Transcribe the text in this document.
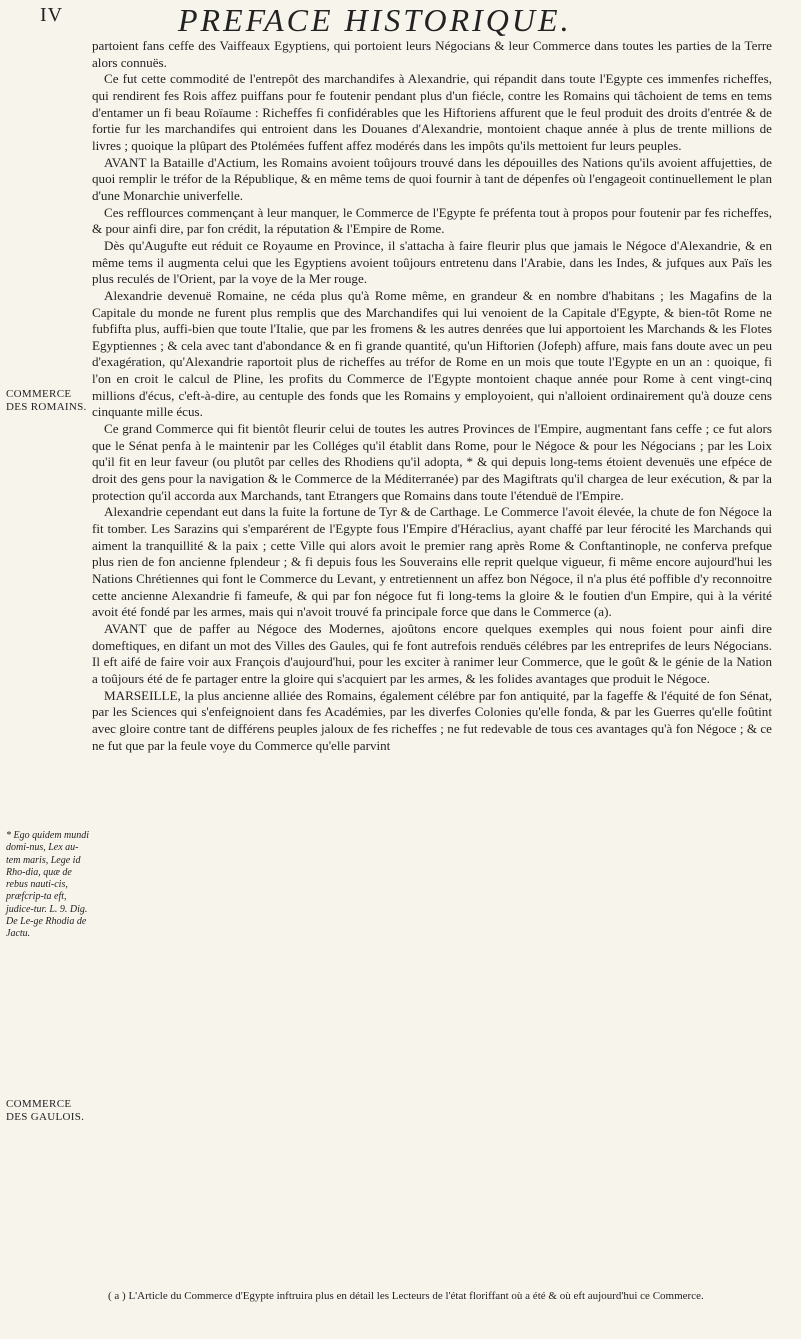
IV	PREFACE HISTORIQUE.
COMMERCE DES ROMAINS.
* Ego quidem mundi domi-nus, Lex au-tem maris, Lege id Rho-dia, quæ de rebus nauti-cis, præfcrip-ta eft, judice-tur. L. 9. Dig. De Le-ge Rhodia de Jactu.
COMMERCE DES GAULOIS.

partoient fans ceffe des Vaiffeaux Egyptiens, qui portoient leurs Négocians & leur Commerce dans toutes les parties de la Terre alors connuës.

Ce fut cette commodité de l'entrepôt des marchandifes à Alexandrie, qui répandit dans toute l'Egypte ces immenfes richeffes, qui rendirent fes Rois affez puiffans pour fe foutenir pendant plus d'un fiécle, contre les Romains qui tâchoient de tems en tems d'entamer un fi beau Roïaume : Richeffes fi confidérables que les Hiftoriens affurent que le feul produit des droits d'entrée & de fortie fur les marchandifes qui entroient dans les Douanes d'Alexandrie, montoient chaque année à plus de trente millions de livres ; quoique la plûpart des Ptolémées fuffent affez modérés dans les impôts qu'ils mettoient fur leurs peuples.

AVANT la Bataille d'Actium, les Romains avoient toûjours trouvé dans les dépouilles des Nations qu'ils avoient affujetties, de quoi remplir le tréfor de la République, & en même tems de quoi fournir à tant de dépenfes où l'engageoit continuellement le plan d'une Monarchie univerfelle.

Ces refflources commençant à leur manquer, le Commerce de l'Egypte fe préfenta tout à propos pour foutenir par fes richeffes, & pour ainfi dire, par fon crédit, la réputation & l'Empire de Rome.

Dès qu'Augufte eut réduit ce Royaume en Province, il s'attacha à faire fleurir plus que jamais le Négoce d'Alexandrie, & en même tems il augmenta celui que les Egyptiens avoient toûjours entretenu dans l'Arabie, dans les Indes, & jufques aux Païs les plus reculés de l'Orient, par la voye de la Mer rouge.

Alexandrie devenuë Romaine, ne céda plus qu'à Rome même, en grandeur & en nombre d'habitans ; les Magafins de la Capitale du monde ne furent plus remplis que des Marchandifes qui lui venoient de la Capitale d'Egypte, & bien-tôt Rome ne fubfifta plus, auffi-bien que toute l'Italie, que par les fromens & les autres denrées que lui apportoient les Marchands & les Flotes Egyptiennes ; & cela avec tant d'abondance & en fi grande quantité, qu'un Hiftorien (Jofeph) affure, mais fans doute avec un peu d'exagération, qu'Alexandrie raportoit plus de richeffes au tréfor de Rome en un mois que toute l'Egypte en un an : quoique, fi l'on en croit le calcul de Pline, les profits du Commerce de l'Egypte montoient chaque année pour Rome à cent vingt-cinq millions d'écus, c'eft-à-dire, au centuple des fonds que les Romains y employoient, qui n'alloient ordinairement qu'à douze cens cinquante mille écus.

Ce grand Commerce qui fit bientôt fleurir celui de toutes les autres Provinces de l'Empire, augmentant fans ceffe ; ce fut alors que le Sénat penfa à le maintenir par les Colléges qu'il établit dans Rome, pour le Négoce & pour les Négocians ; par les Loix qu'il fit en leur faveur (ou plutôt par celles des Rhodiens qu'il adopta, * & qui depuis long-tems étoient devenuës une efpéce de droit des gens pour la navigation & le Commerce de la Méditerranée) par des Magiftrats qu'il chargea de leur exécution, & par la protection qu'il accorda aux Marchands, tant Etrangers que Romains dans toute l'étenduë de l'Empire.

Alexandrie cependant eut dans la fuite la fortune de Tyr & de Carthage. Le Commerce l'avoit élevée, la chute de fon Négoce la fit tomber. Les Sarazins qui s'emparérent de l'Egypte fous l'Empire d'Héraclius, ayant chaffé par leur férocité les Marchands qui aiment la tranquillité & la paix ; cette Ville qui alors avoit le premier rang après Rome & Conftantinople, ne conferva prefque plus rien de fon ancienne fplendeur ; & fi depuis fous les Souverains elle reprit quelque vigueur, fi même encore aujourd'hui les Nations Chrétiennes qui font le Commerce du Levant, y entretiennent un affez bon Négoce, il n'a plus été poffible d'y reconnoitre cette ancienne Alexandrie fi fameufe, & qui par fon négoce fut fi long-tems la gloire & le foutien d'un Empire, qui à la vérité avoit été fondé par les armes, mais qui n'avoit trouvé fa principale force que dans le Commerce (a).

AVANT que de paffer au Négoce des Modernes, ajoûtons encore quelques exemples qui nous foient pour ainfi dire domeftiques, en difant un mot des Villes des Gaules, qui fe font autrefois renduës célébres par les entreprifes de leurs Négocians. Il eft aifé de faire voir aux François d'aujourd'hui, pour les exciter à ranimer leur Commerce, que le goût & le génie de la Nation a toûjours été de fe partager entre la gloire qui s'acquiert par les armes, & les folides avantages que produit le Négoce.

MARSEILLE, la plus ancienne alliée des Romains, également célébre par fon antiquité, par la fageffe & l'équité de fon Sénat, par les Sciences qui s'enfeignoient dans fes Académies, par les diverfes Colonies qu'elle fonda, & par les Guerres qu'elle foûtint avec gloire contre tant de différens peuples jaloux de fes richeffes ; ne fut redevable de tous ces avantages qu'à fon Négoce ; & ce ne fut que par la feule voye du Commerce qu'elle parvint

( a ) L'Article du Commerce d'Egypte inftruira plus en détail les Lecteurs de l'état floriffant où a été & où eft aujourd'hui ce Commerce.
